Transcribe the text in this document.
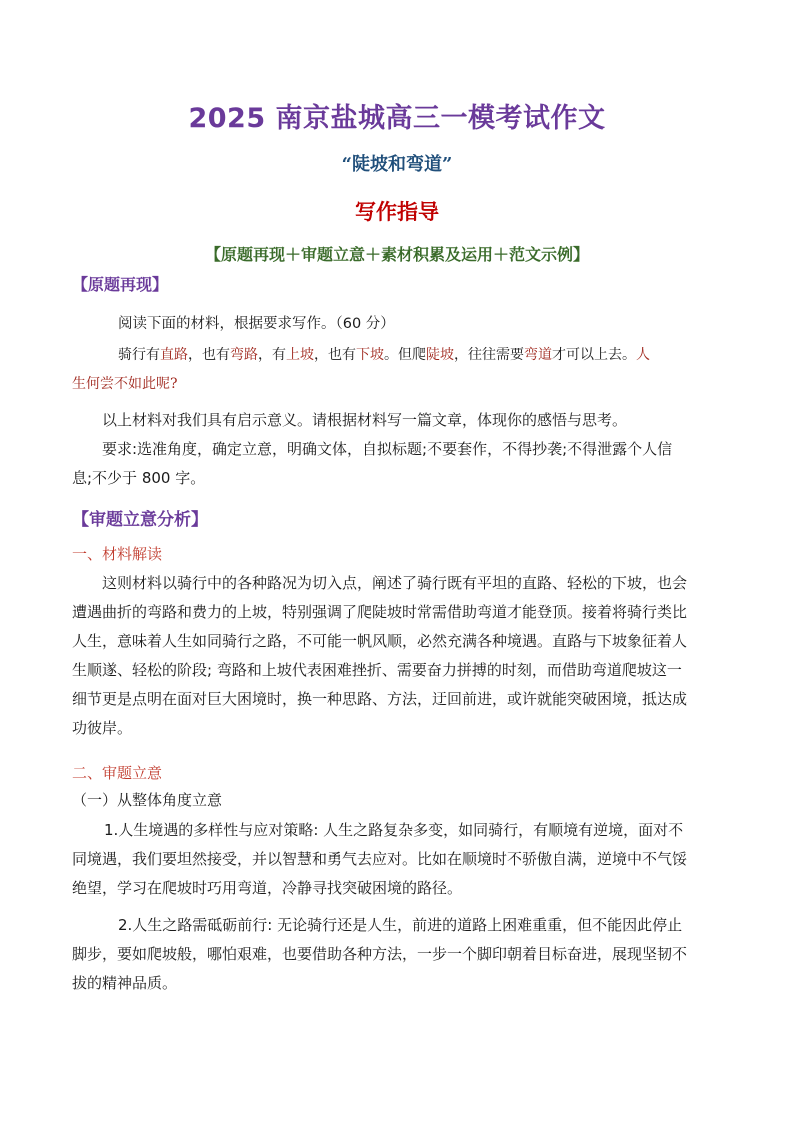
2025 南京盐城高三一模考试作文
“陡坡和弯道”
写作指导
【原题再现＋审题立意＋素材积累及运用＋范文示例】
【原题再现】
阅读下面的材料，根据要求写作。（60 分）
骑行有直路，也有弯路，有上坡，也有下坡。但爬陡坡，往往需要弯道才可以上去。人
生何尝不如此呢?
以上材料对我们具有启示意义。请根据材料写一篇文章，体现你的感悟与思考。
要求:选准角度，确定立意，明确文体，自拟标题;不要套作，不得抄袭;不得泄露个人信
息;不少于 800 字。
【审题立意分析】
一、材料解读
这则材料以骑行中的各种路况为切入点，阐述了骑行既有平坦的直路、轻松的下坡，也会
遭遇曲折的弯路和费力的上坡，特别强调了爬陡坡时常需借助弯道才能登顶。接着将骑行类比
人生，意味着人生如同骑行之路，不可能一帆风顺，必然充满各种境遇。直路与下坡象征着人
生顺遂、轻松的阶段; 弯路和上坡代表困难挫折、需要奋力拼搏的时刻，而借助弯道爬坡这一
细节更是点明在面对巨大困境时，换一种思路、方法，迂回前进，或许就能突破困境，抵达成
功彼岸。
二、审题立意
（一）从整体角度立意
1.人生境遇的多样性与应对策略: 人生之路复杂多变，如同骑行，有顺境有逆境，面对不
同境遇，我们要坦然接受，并以智慧和勇气去应对。比如在顺境时不骄傲自满，逆境中不气馁
绝望，学习在爬坡时巧用弯道，冷静寻找突破困境的路径。
2.人生之路需砥砺前行: 无论骑行还是人生，前进的道路上困难重重，但不能因此停止
脚步，要如爬坡般，哪怕艰难，也要借助各种方法，一步一个脚印朝着目标奋进，展现坚韧不
拔的精神品质。
